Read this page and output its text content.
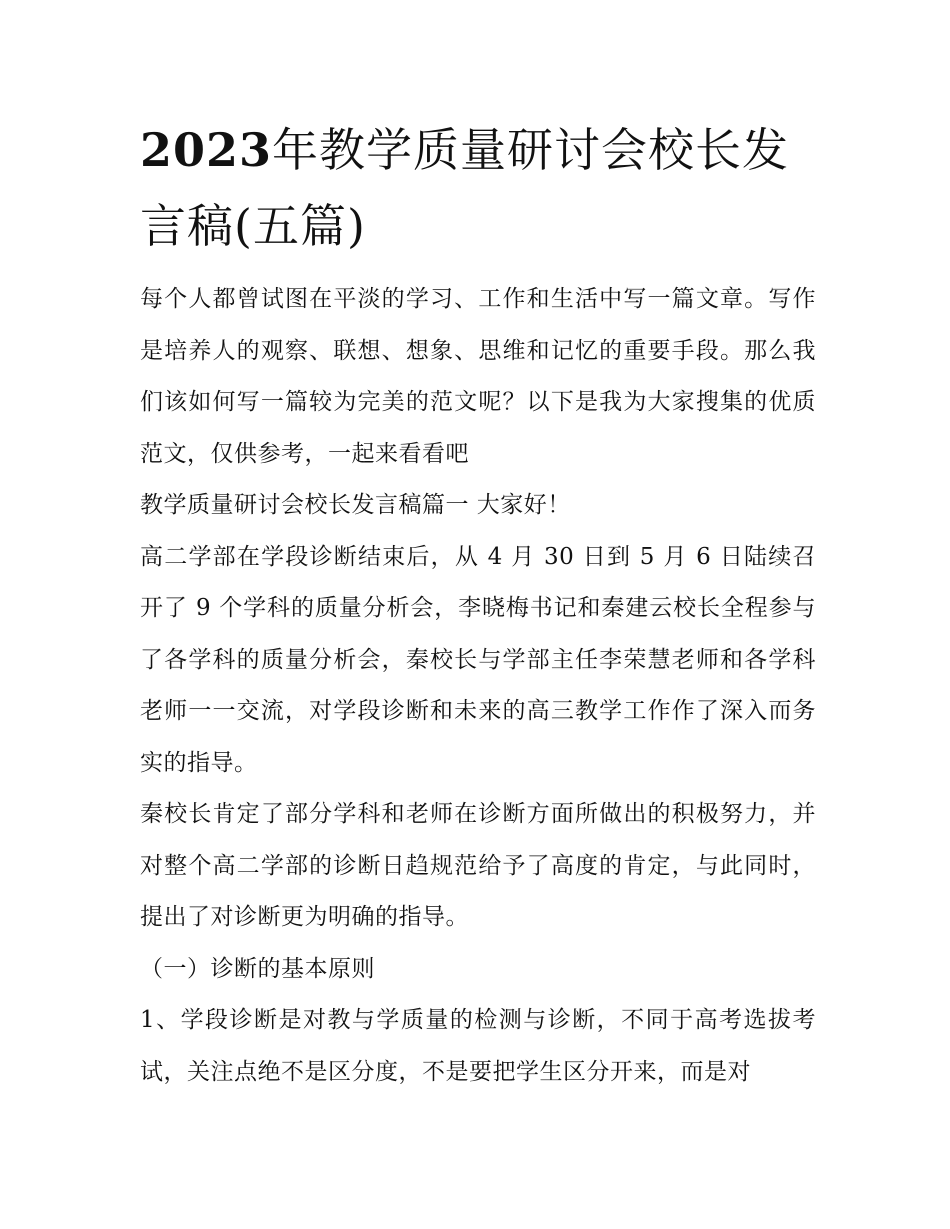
2023年教学质量研讨会校长发言稿(五篇)

每个人都曾试图在平淡的学习、工作和生活中写一篇文章。写作是培养人的观察、联想、想象、思维和记忆的重要手段。那么我们该如何写一篇较为完美的范文呢？以下是我为大家搜集的优质范文，仅供参考，一起来看看吧

教学质量研讨会校长发言稿篇一 大家好！

高二学部在学段诊断结束后，从 4 月 30 日到 5 月 6 日陆续召开了 9 个学科的质量分析会，李晓梅书记和秦建云校长全程参与了各学科的质量分析会，秦校长与学部主任李荣慧老师和各学科老师一一交流，对学段诊断和未来的高三教学工作作了深入而务实的指导。

秦校长肯定了部分学科和老师在诊断方面所做出的积极努力，并对整个高二学部的诊断日趋规范给予了高度的肯定，与此同时，提出了对诊断更为明确的指导。

（一）诊断的基本原则

1、学段诊断是对教与学质量的检测与诊断，不同于高考选拔考试，关注点绝不是区分度，不是要把学生区分开来，而是对
